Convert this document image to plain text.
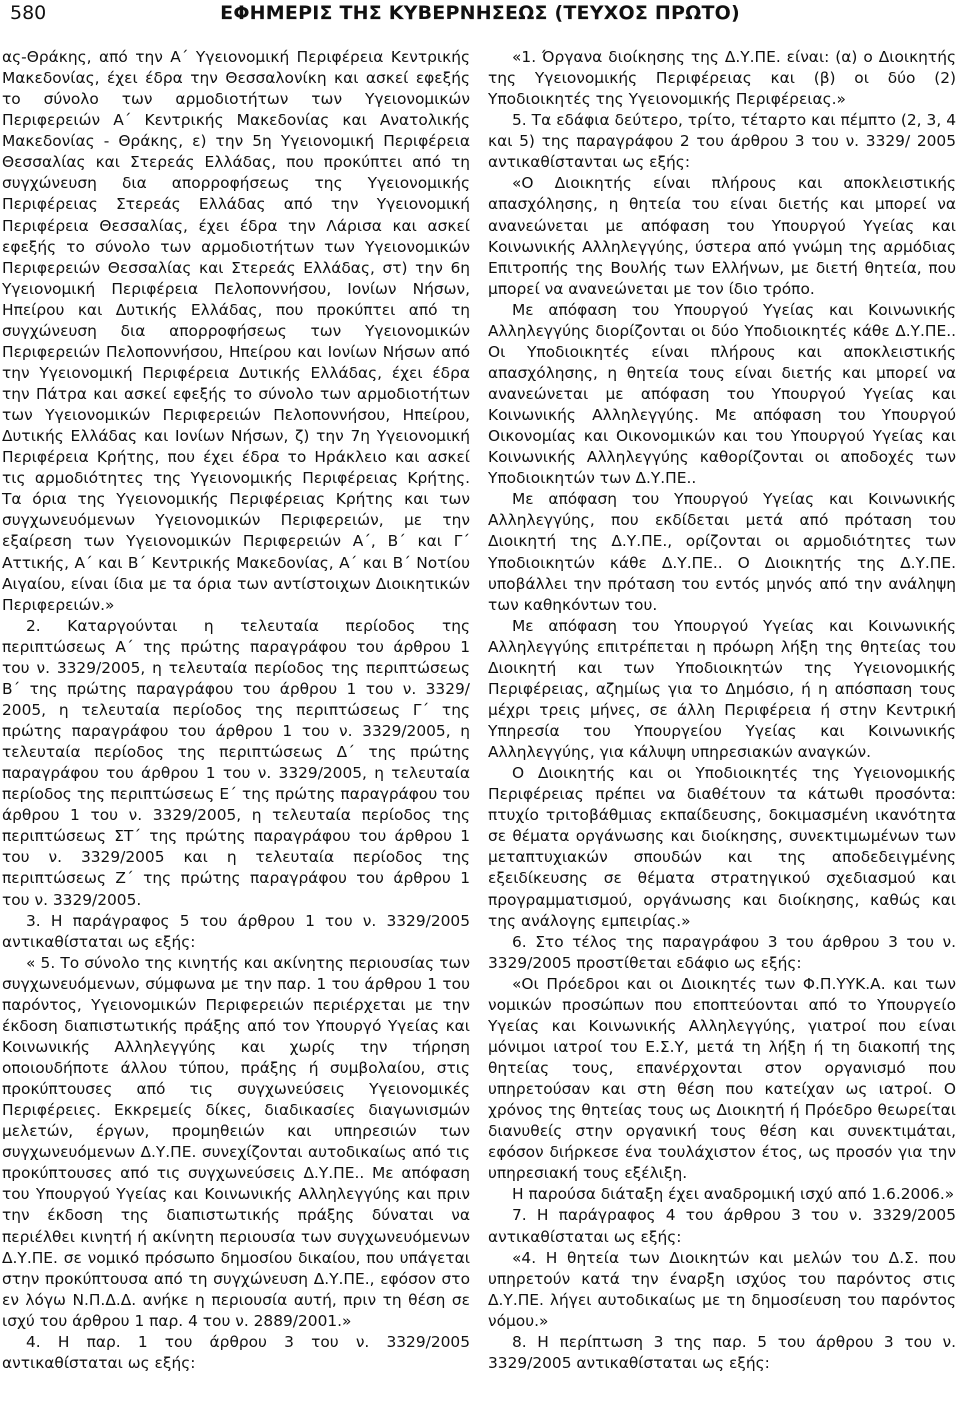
580	ΕΦΗΜΕΡΙΣ ΤΗΣ ΚΥΒΕΡΝΗΣΕΩΣ (ΤΕΥΧΟΣ ΠΡΩΤΟ)

ας-Θράκης, από την Α΄ Υγειονομική Περιφέρεια Κεντρικής Μακεδονίας, έχει έδρα την Θεσσαλονίκη και ασκεί εφεξής το σύνολο των αρμοδιοτήτων των Υγειονομικών Περιφερειών Α΄ Κεντρικής Μακεδονίας και Ανατολικής Μακεδονίας - Θράκης, ε) την 5η Υγειονομική Περιφέρεια Θεσσαλίας και Στερεάς Ελλάδας, που προκύπτει από τη συγχώνευση δια απορροφήσεως της Υγειονομικής Περιφέρειας Στερεάς Ελλάδας από την Υγειονομική Περιφέρεια Θεσσαλίας, έχει έδρα την Λάρισα και ασκεί εφεξής το σύνολο των αρμοδιοτήτων των Υγειονομικών Περιφερειών Θεσσαλίας και Στερεάς Ελλάδας, στ) την 6η Υγειονομική Περιφέρεια Πελοποννήσου, Ιονίων Νήσων, Ηπείρου και Δυτικής Ελλάδας, που προκύπτει από τη συγχώνευση δια απορροφήσεως των Υγειονομικών Περιφερειών Πελοποννήσου, Ηπείρου και Ιονίων Νήσων από την Υγειονομική Περιφέρεια Δυτικής Ελλάδας, έχει έδρα την Πάτρα και ασκεί εφεξής το σύνολο των αρμοδιοτήτων των Υγειονομικών Περιφερειών Πελοποννήσου, Ηπείρου, Δυτικής Ελλάδας και Ιονίων Νήσων, ζ) την 7η Υγειονομική Περιφέρεια Κρήτης, που έχει έδρα το Ηράκλειο και ασκεί τις αρμοδιότητες της Υγειονομικής Περιφέρειας Κρήτης. Τα όρια της Υγειονομικής Περιφέρειας Κρήτης και των συγχωνευόμενων Υγειονομικών Περιφερειών, με την εξαίρεση των Υγειονομικών Περιφερειών Α΄, Β΄ και Γ΄ Αττικής, Α΄ και Β΄ Κεντρικής Μακεδονίας, Α΄ και Β΄ Νοτίου Αιγαίου, είναι ίδια με τα όρια των αντίστοιχων Διοικητικών Περιφερειών.»

2. Καταργούνται η τελευταία περίοδος της περιπτώσεως Α΄ της πρώτης παραγράφου του άρθρου 1 του ν. 3329/2005, η τελευταία περίοδος της περιπτώσεως Β΄ της πρώτης παραγράφου του άρθρου 1 του ν. 3329/ 2005, η τελευταία περίοδος της περιπτώσεως Γ΄ της πρώτης παραγράφου του άρθρου 1 του ν. 3329/2005, η τελευταία περίοδος της περιπτώσεως Δ΄ της πρώτης παραγράφου του άρθρου 1 του ν. 3329/2005, η τελευταία περίοδος της περιπτώσεως Ε΄ της πρώτης παραγράφου του άρθρου 1 του ν. 3329/2005, η τελευταία περίοδος της περιπτώσεως ΣΤ΄ της πρώτης παραγράφου του άρθρου 1 του ν. 3329/2005 και η τελευταία περίοδος της περιπτώσεως Ζ΄ της πρώτης παραγράφου του άρθρου 1 του ν. 3329/2005.

3. Η παράγραφος 5 του άρθρου 1 του ν. 3329/2005 αντικαθίσταται ως εξής:

« 5. Το σύνολο της κινητής και ακίνητης περιουσίας των συγχωνευόμενων, σύμφωνα με την παρ. 1 του άρθρου 1 του παρόντος, Υγειονομικών Περιφερειών περιέρχεται με την έκδοση διαπιστωτικής πράξης από τον Υπουργό Υγείας και Κοινωνικής Αλληλεγγύης και χωρίς την τήρηση οποιουδήποτε άλλου τύπου, πράξης ή συμβολαίου, στις προκύπτουσες από τις συγχωνεύσεις Υγειονομικές Περιφέρειες. Εκκρεμείς δίκες, διαδικασίες διαγωνισμών μελετών, έργων, προμηθειών και υπηρεσιών των συγχωνευόμενων Δ.Υ.ΠΕ. συνεχίζονται αυτοδικαίως από τις προκύπτουσες από τις συγχωνεύσεις Δ.Υ.ΠΕ.. Με απόφαση του Υπουργού Υγείας και Κοινωνικής Αλληλεγγύης και πριν την έκδοση της διαπιστωτικής πράξης δύναται να περιέλθει κινητή ή ακίνητη περιουσία των συγχωνευόμενων Δ.Υ.ΠΕ. σε νομικό πρόσωπο δημοσίου δικαίου, που υπάγεται στην προκύπτουσα από τη συγχώνευση Δ.Υ.ΠΕ., εφόσον στο εν λόγω Ν.Π.Δ.Δ. ανήκε η περιουσία αυτή, πριν τη θέση σε ισχύ του άρθρου 1 παρ. 4 του ν. 2889/2001.»

4. Η παρ. 1 του άρθρου 3 του ν. 3329/2005 αντικαθίσταται ως εξής:

«1. Όργανα διοίκησης της Δ.Υ.ΠΕ. είναι: (α) ο Διοικητής της Υγειονομικής Περιφέρειας και (β) οι δύο (2) Υποδιοικητές της Υγειονομικής Περιφέρειας.»

5. Τα εδάφια δεύτερο, τρίτο, τέταρτο και πέμπτο (2, 3, 4 και 5) της παραγράφου 2 του άρθρου 3 του ν. 3329/ 2005 αντικαθίστανται ως εξής:

«Ο Διοικητής είναι πλήρους και αποκλειστικής απασχόλησης, η θητεία του είναι διετής και μπορεί να ανανεώνεται με απόφαση του Υπουργού Υγείας και Κοινωνικής Αλληλεγγύης, ύστερα από γνώμη της αρμόδιας Επιτροπής της Βουλής των Ελλήνων, με διετή θητεία, που μπορεί να ανανεώνεται με τον ίδιο τρόπο.

Με απόφαση του Υπουργού Υγείας και Κοινωνικής Αλληλεγγύης διορίζονται οι δύο Υποδιοικητές κάθε Δ.Υ.ΠΕ.. Οι Υποδιοικητές είναι πλήρους και αποκλειστικής απασχόλησης, η θητεία τους είναι διετής και μπορεί να ανανεώνεται με απόφαση του Υπουργού Υγείας και Κοινωνικής Αλληλεγγύης. Με απόφαση του Υπουργού Οικονομίας και Οικονομικών και του Υπουργού Υγείας και Κοινωνικής Αλληλεγγύης καθορίζονται οι αποδοχές των Υποδιοικητών των Δ.Υ.ΠΕ..

Με απόφαση του Υπουργού Υγείας και Κοινωνικής Αλληλεγγύης, που εκδίδεται μετά από πρόταση του Διοικητή της Δ.Υ.ΠΕ., ορίζονται οι αρμοδιότητες των Υποδιοικητών κάθε Δ.Υ.ΠΕ.. Ο Διοικητής της Δ.Υ.ΠΕ. υποβάλλει την πρόταση του εντός μηνός από την ανάληψη των καθηκόντων του.

Με απόφαση του Υπουργού Υγείας και Κοινωνικής Αλληλεγγύης επιτρέπεται η πρόωρη λήξη της θητείας του Διοικητή και των Υποδιοικητών της Υγειονομικής Περιφέρειας, αζημίως για το Δημόσιο, ή η απόσπαση τους μέχρι τρεις μήνες, σε άλλη Περιφέρεια ή στην Κεντρική Υπηρεσία του Υπουργείου Υγείας και Κοινωνικής Αλληλεγγύης, για κάλυψη υπηρεσιακών αναγκών.

Ο Διοικητής και οι Υποδιοικητές της Υγειονομικής Περιφέρειας πρέπει να διαθέτουν τα κάτωθι προσόντα: πτυχίο τριτοβάθμιας εκπαίδευσης, δοκιμασμένη ικανότητα σε θέματα οργάνωσης και διοίκησης, συνεκτιμωμένων των μεταπτυχιακών σπουδών και της αποδεδειγμένης εξειδίκευσης σε θέματα στρατηγικού σχεδιασμού και προγραμματισμού, οργάνωσης και διοίκησης, καθώς και της ανάλογης εμπειρίας.»

6. Στο τέλος της παραγράφου 3 του άρθρου 3 του ν. 3329/2005 προστίθεται εδάφιο ως εξής:

«Οι Πρόεδροι και οι Διοικητές των Φ.Π.ΥΥΚ.Α. και των νομικών προσώπων που εποπτεύονται από το Υπουργείο Υγείας και Κοινωνικής Αλληλεγγύης, γιατροί που είναι μόνιμοι ιατροί του Ε.Σ.Υ, μετά τη λήξη ή τη διακοπή της θητείας τους, επανέρχονται στον οργανισμό που υπηρετούσαν και στη θέση που κατείχαν ως ιατροί. Ο χρόνος της θητείας τους ως Διοικητή ή Πρόεδρο θεωρείται διανυθείς στην οργανική τους θέση και συνεκτιμάται, εφόσον διήρκεσε ένα τουλάχιστον έτος, ως προσόν για την υπηρεσιακή τους εξέλιξη.

Η παρούσα διάταξη έχει αναδρομική ισχύ από 1.6.2006.»

7. Η παράγραφος 4 του άρθρου 3 του ν. 3329/2005 αντικαθίσταται ως εξής:

«4. Η θητεία των Διοικητών και μελών του Δ.Σ. που υπηρετούν κατά την έναρξη ισχύος του παρόντος στις Δ.Υ.ΠΕ. λήγει αυτοδικαίως με τη δημοσίευση του παρόντος νόμου.»

8. Η περίπτωση 3 της παρ. 5 του άρθρου 3 του ν. 3329/2005 αντικαθίσταται ως εξής:
